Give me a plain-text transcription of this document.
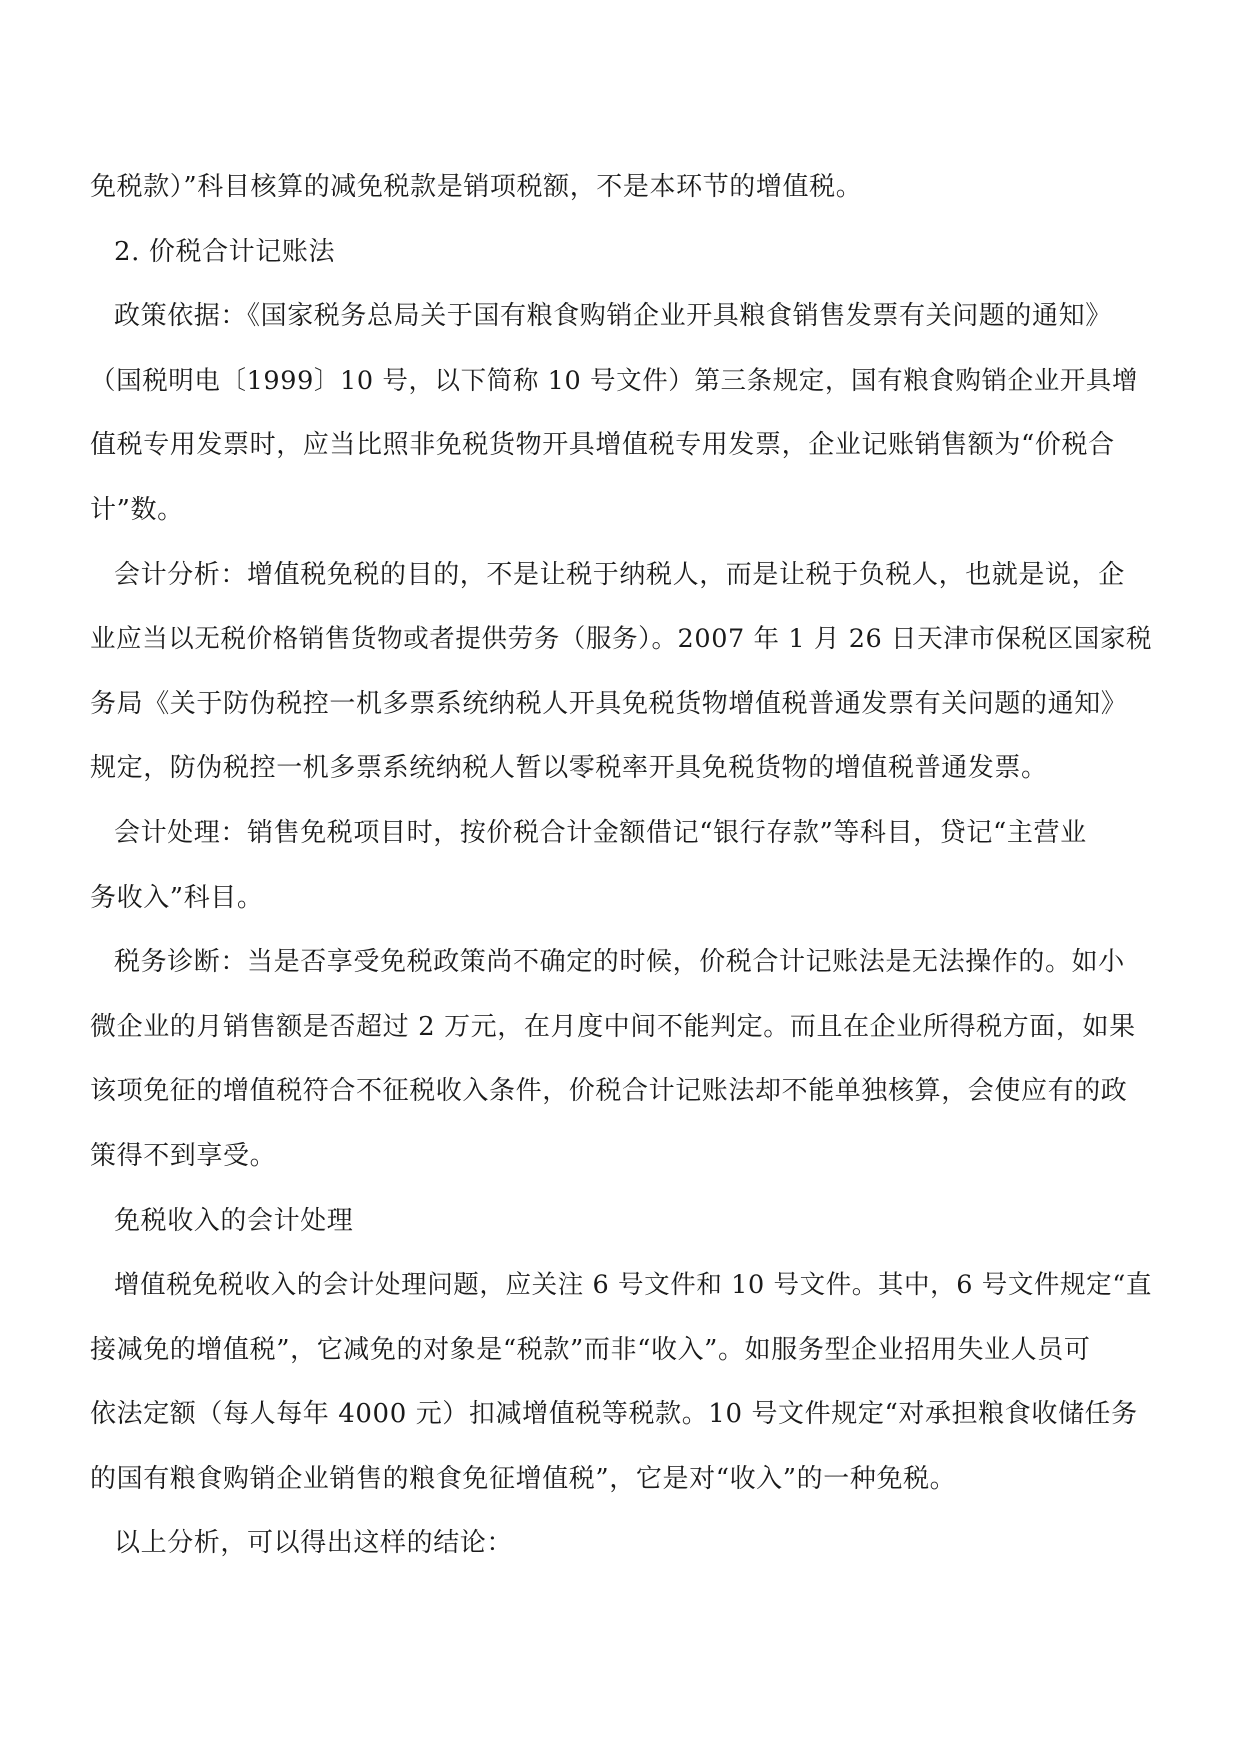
免税款）”科目核算的减免税款是销项税额，不是本环节的增值税。

2. 价税合计记账法

政策依据：《国家税务总局关于国有粮食购销企业开具粮食销售发票有关问题的通知》
（国税明电〔1999〕10 号，以下简称 10 号文件）第三条规定，国有粮食购销企业开具增
值税专用发票时，应当比照非免税货物开具增值税专用发票，企业记账销售额为“价税合
计”数。

会计分析：增值税免税的目的，不是让税于纳税人，而是让税于负税人，也就是说，企
业应当以无税价格销售货物或者提供劳务（服务）。2007 年 1 月 26 日天津市保税区国家税
务局《关于防伪税控一机多票系统纳税人开具免税货物增值税普通发票有关问题的通知》
规定，防伪税控一机多票系统纳税人暂以零税率开具免税货物的增值税普通发票。

会计处理：销售免税项目时，按价税合计金额借记“银行存款”等科目，贷记“主营业
务收入”科目。

税务诊断：当是否享受免税政策尚不确定的时候，价税合计记账法是无法操作的。如小
微企业的月销售额是否超过 2 万元，在月度中间不能判定。而且在企业所得税方面，如果
该项免征的增值税符合不征税收入条件，价税合计记账法却不能单独核算，会使应有的政
策得不到享受。

免税收入的会计处理

增值税免税收入的会计处理问题，应关注 6 号文件和 10 号文件。其中，6 号文件规定“直
接减免的增值税”，它减免的对象是“税款”而非“收入”。如服务型企业招用失业人员可
依法定额（每人每年 4000 元）扣减增值税等税款。10 号文件规定“对承担粮食收储任务
的国有粮食购销企业销售的粮食免征增值税”，它是对“收入”的一种免税。

以上分析，可以得出这样的结论：
